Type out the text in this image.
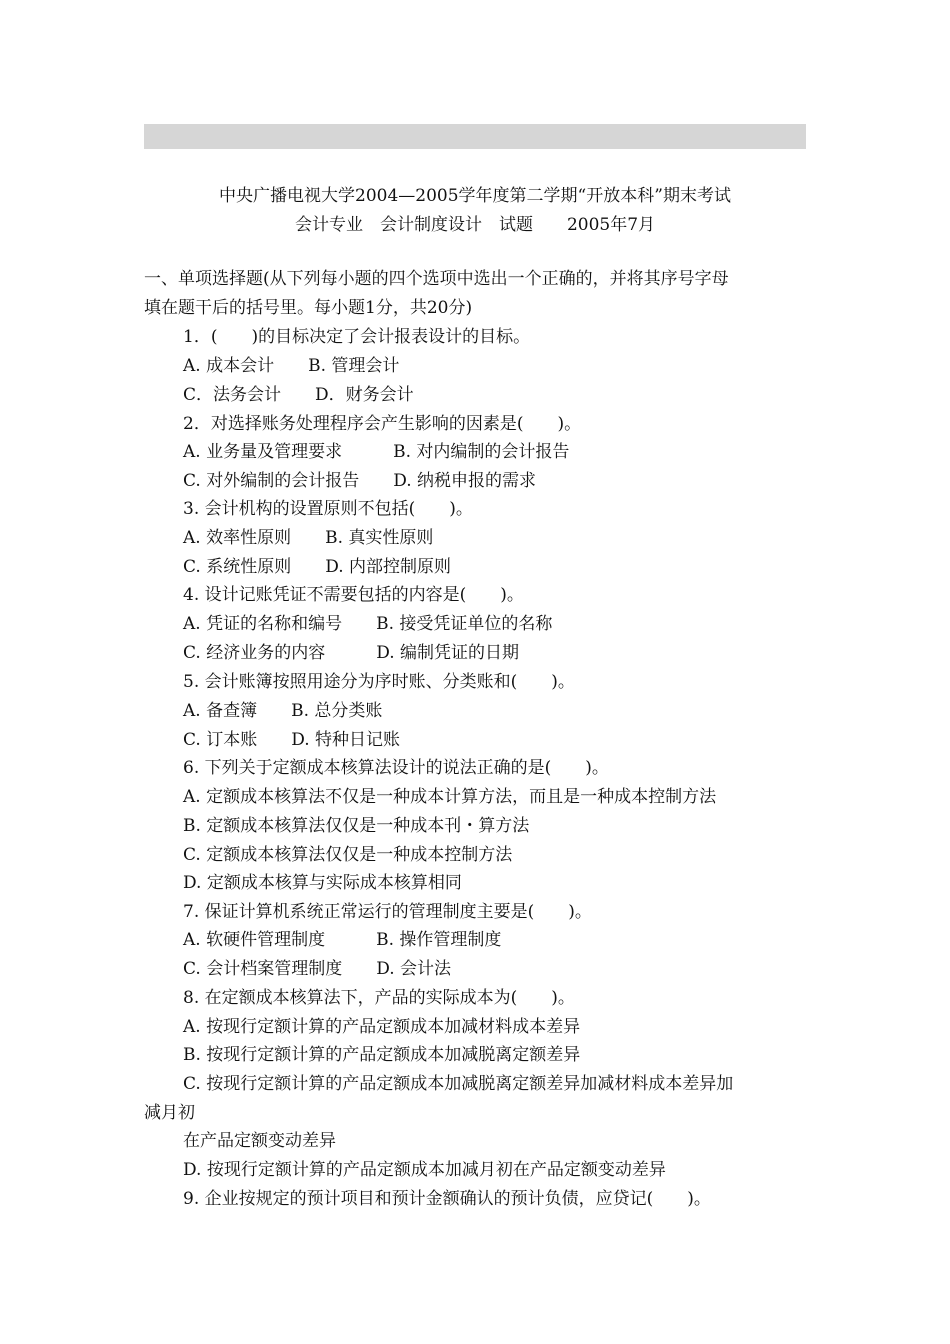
中央广播电视大学2004—2005学年度第二学期“开放本科”期末考试
会计专业　会计制度设计　试题　　2005年7月
一、单项选择题(从下列每小题的四个选项中选出一个正确的，并将其序号字母
填在题干后的括号里。每小题1分，共20分)
1．(　　)的目标决定了会计报表设计的目标。
A. 成本会计　　B. 管理会计
C．法务会计　　D．财务会计
2．对选择账务处理程序会产生影响的因素是(　　)。
A. 业务量及管理要求　　　B. 对内编制的会计报告
C. 对外编制的会计报告　　D. 纳税申报的需求
3. 会计机构的设置原则不包括(　　)。
A. 效率性原则　　B. 真实性原则
C. 系统性原则　　D. 内部控制原则
4. 设计记账凭证不需要包括的内容是(　　)。
A. 凭证的名称和编号　　B. 接受凭证单位的名称
C. 经济业务的内容　　　D. 编制凭证的日期
5. 会计账簿按照用途分为序时账、分类账和(　　)。
A. 备查簿　　B. 总分类账
C. 订本账　　D. 特种日记账
6. 下列关于定额成本核算法设计的说法正确的是(　　)。
A. 定额成本核算法不仅是一种成本计算方法，而且是一种成本控制方法
B. 定额成本核算法仅仅是一种成本刊・算方法
C. 定额成本核算法仅仅是一种成本控制方法
D. 定额成本核算与实际成本核算相同
7. 保证计算机系统正常运行的管理制度主要是(　　)。
A. 软硬件管理制度　　　B. 操作管理制度
C. 会计档案管理制度　　D. 会计法
8. 在定额成本核算法下，产品的实际成本为(　　)。
A. 按现行定额计算的产品定额成本加减材料成本差异
B. 按现行定额计算的产品定额成本加减脱离定额差异
C. 按现行定额计算的产品定额成本加减脱离定额差异加减材料成本差异加
减月初
在产品定额变动差异
D. 按现行定额计算的产品定额成本加减月初在产品定额变动差异
9. 企业按规定的预计项目和预计金额确认的预计负债，应贷记(　　)。
